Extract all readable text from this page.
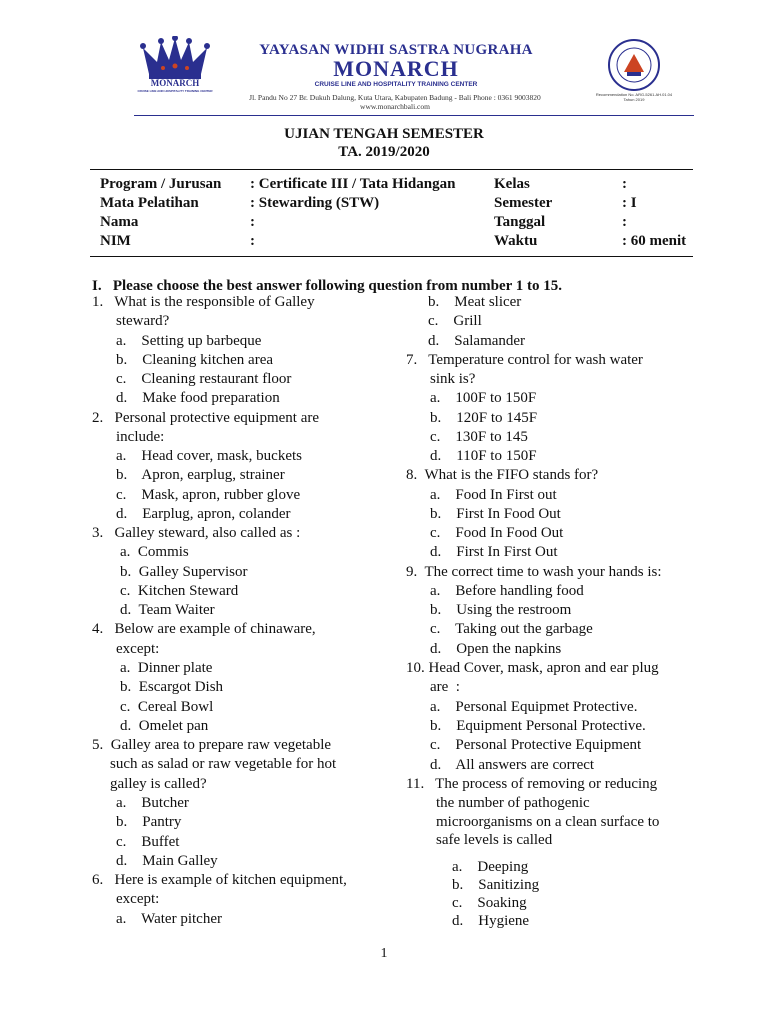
MONARCH
CRUISE LINE AND HOSPITALITY TRAINING CENTER
YAYASAN WIDHI SASTRA NUGRAHA
MONARCH
CRUISE LINE AND HOSPITALITY TRAINING CENTER
Jl. Pandu No 27 Br. Dukuh Dalung, Kuta Utara, Kabupaten Badung - Bali Phone : 0361 9003820
www.monarchbali.com
Recommendation No. ARG-5261.AH.01.04 Tahun 2019
UJIAN TENGAH SEMESTER
TA. 2019/2020
Program / Jurusan : Certificate III / Tata Hidangan	Kelas	:
Mata Pelatihan	: Stewarding (STW)	Semester	: I
Nama	:	Tanggal	:
NIM	:	Waktu	: 60 menit
I.   Please choose the best answer following question from number 1 to 15.
1.   What is the responsible of Galley
steward?
a.    Setting up barbeque
b.    Cleaning kitchen area
c.    Cleaning restaurant floor
d.    Make food preparation
2.   Personal protective equipment are
include:
a.    Head cover, mask, buckets
b.    Apron, earplug, strainer
c.    Mask, apron, rubber glove
d.    Earplug, apron, colander
3.   Galley steward, also called as :
a.  Commis
b.  Galley Supervisor
c.  Kitchen Steward
d.  Team Waiter
4.   Below are example of chinaware,
except:
a.  Dinner plate
b.  Escargot Dish
c.  Cereal Bowl
d.  Omelet pan
5.  Galley area to prepare raw vegetable
such as salad or raw vegetable for hot
galley is called?
a.    Butcher
b.    Pantry
c.    Buffet
d.    Main Galley
6.   Here is example of kitchen equipment,
except:
a.    Water pitcher
b.    Meat slicer
c.    Grill
d.    Salamander
7.   Temperature control for wash water
sink is?
a.    100F to 150F
b.    120F to 145F
c.    130F to 145
d.    110F to 150F
8.  What is the FIFO stands for?
a.    Food In First out
b.    First In Food Out
c.    Food In Food Out
d.    First In First Out
9.  The correct time to wash your hands is:
a.    Before handling food
b.    Using the restroom
c.    Taking out the garbage
d.    Open the napkins
10. Head Cover, mask, apron and ear plug
are  :
a.    Personal Equipmet Protective.
b.    Equipment Personal Protective.
c.    Personal Protective Equipment
d.    All answers are correct
11.   The process of removing or reducing
the number of pathogenic
microorganisms on a clean surface to
safe levels is called
a.    Deeping
b.    Sanitizing
c.    Soaking
d.    Hygiene
1
